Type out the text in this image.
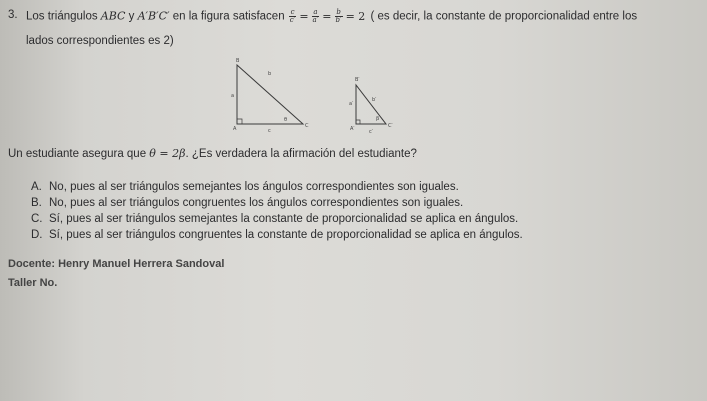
3. Los triángulos ABC y A′B′C′ en la figura satisfacen $\frac{c}{c'} = \frac{a}{a'} = \frac{b}{b'} = 2$ ( es decir, la constante de proporcionalidad entre los
lados correspondientes es 2)
B
A	C
a
b
c
θ
B′
A′	C′
a′
b′
c′
β
Un estudiante asegura que θ = 2β. ¿Es verdadera la afirmación del estudiante?
A. No, pues al ser triángulos semejantes los ángulos correspondientes son iguales.
B. No, pues al ser triángulos congruentes los ángulos correspondientes son iguales.
C. Sí, pues al ser triángulos semejantes la constante de proporcionalidad se aplica en ángulos.
D. Sí, pues al ser triángulos congruentes la constante de proporcionalidad se aplica en ángulos.
Docente: Henry Manuel Herrera Sandoval
Taller No.
